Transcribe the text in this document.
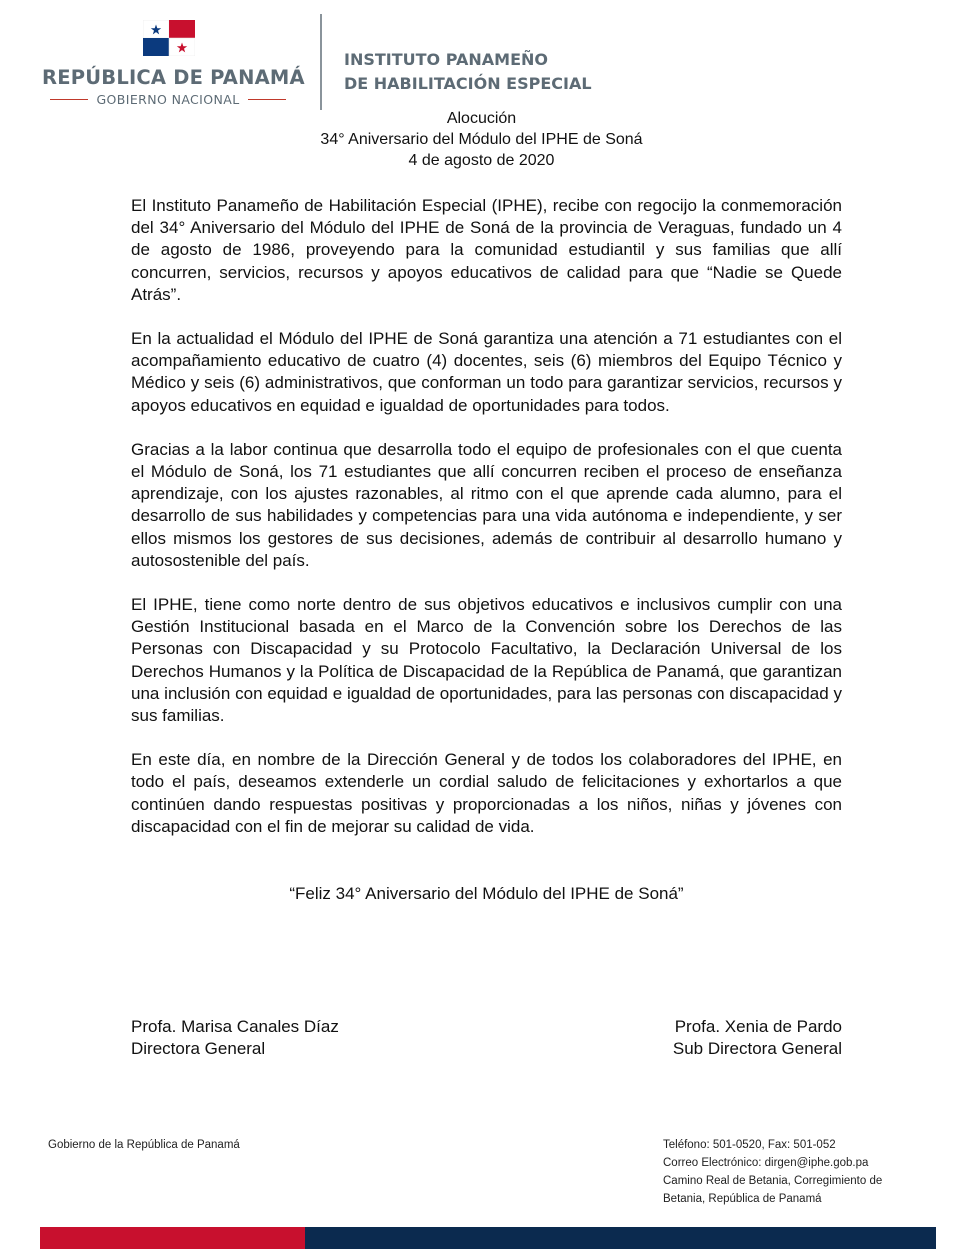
REPÚBLICA DE PANAMÁ
GOBIERNO NACIONAL
INSTITUTO PANAMEÑO
DE HABILITACIÓN ESPECIAL
Alocución
34° Aniversario del Módulo del IPHE de Soná
4 de agosto de 2020

El Instituto Panameño de Habilitación Especial (IPHE), recibe con regocijo la conmemoración del 34° Aniversario del Módulo del IPHE de Soná de la provincia de Veraguas, fundado un 4 de agosto de 1986, proveyendo para la comunidad estudiantil y sus familias que allí concurren, servicios, recursos y apoyos educativos de calidad para que “Nadie se Quede Atrás”.

En la actualidad el Módulo del IPHE de Soná garantiza una atención a 71 estudiantes con el acompañamiento educativo de cuatro (4) docentes, seis (6) miembros del Equipo Técnico y Médico y seis (6) administrativos, que conforman un todo para garantizar servicios, recursos y apoyos educativos en equidad e igualdad de oportunidades para todos.

Gracias a la labor continua que desarrolla todo el equipo de profesionales con el que cuenta el Módulo de Soná, los 71 estudiantes que allí concurren reciben el proceso de enseñanza aprendizaje, con los ajustes razonables, al ritmo con el que aprende cada alumno, para el desarrollo de sus habilidades y competencias para una vida autónoma e independiente, y ser ellos mismos los gestores de sus decisiones, además de contribuir al desarrollo humano y autosostenible del país.

El IPHE, tiene como norte dentro de sus objetivos educativos e inclusivos cumplir con una Gestión Institucional basada en el Marco de la Convención sobre los Derechos de las Personas con Discapacidad y su Protocolo Facultativo, la Declaración Universal de los Derechos Humanos y la Política de Discapacidad de la República de Panamá, que garantizan una inclusión con equidad e igualdad de oportunidades, para las personas con discapacidad y sus familias.

En este día, en nombre de la Dirección General y de todos los colaboradores del IPHE, en todo el país, deseamos extenderle un cordial saludo de felicitaciones y exhortarlos a que continúen dando respuestas positivas y proporcionadas a los niños, niñas y jóvenes con discapacidad con el fin de mejorar su calidad de vida.

“Feliz 34° Aniversario del Módulo del IPHE de Soná”
Profa. Marisa Canales Díaz
Directora General
Profa. Xenia de Pardo
Sub Directora General
Gobierno de la República de Panamá	Teléfono: 501-0520, Fax: 501-052
Correo Electrónico: dirgen@iphe.gob.pa
Camino Real de Betania, Corregimiento de
Betania, República de Panamá
